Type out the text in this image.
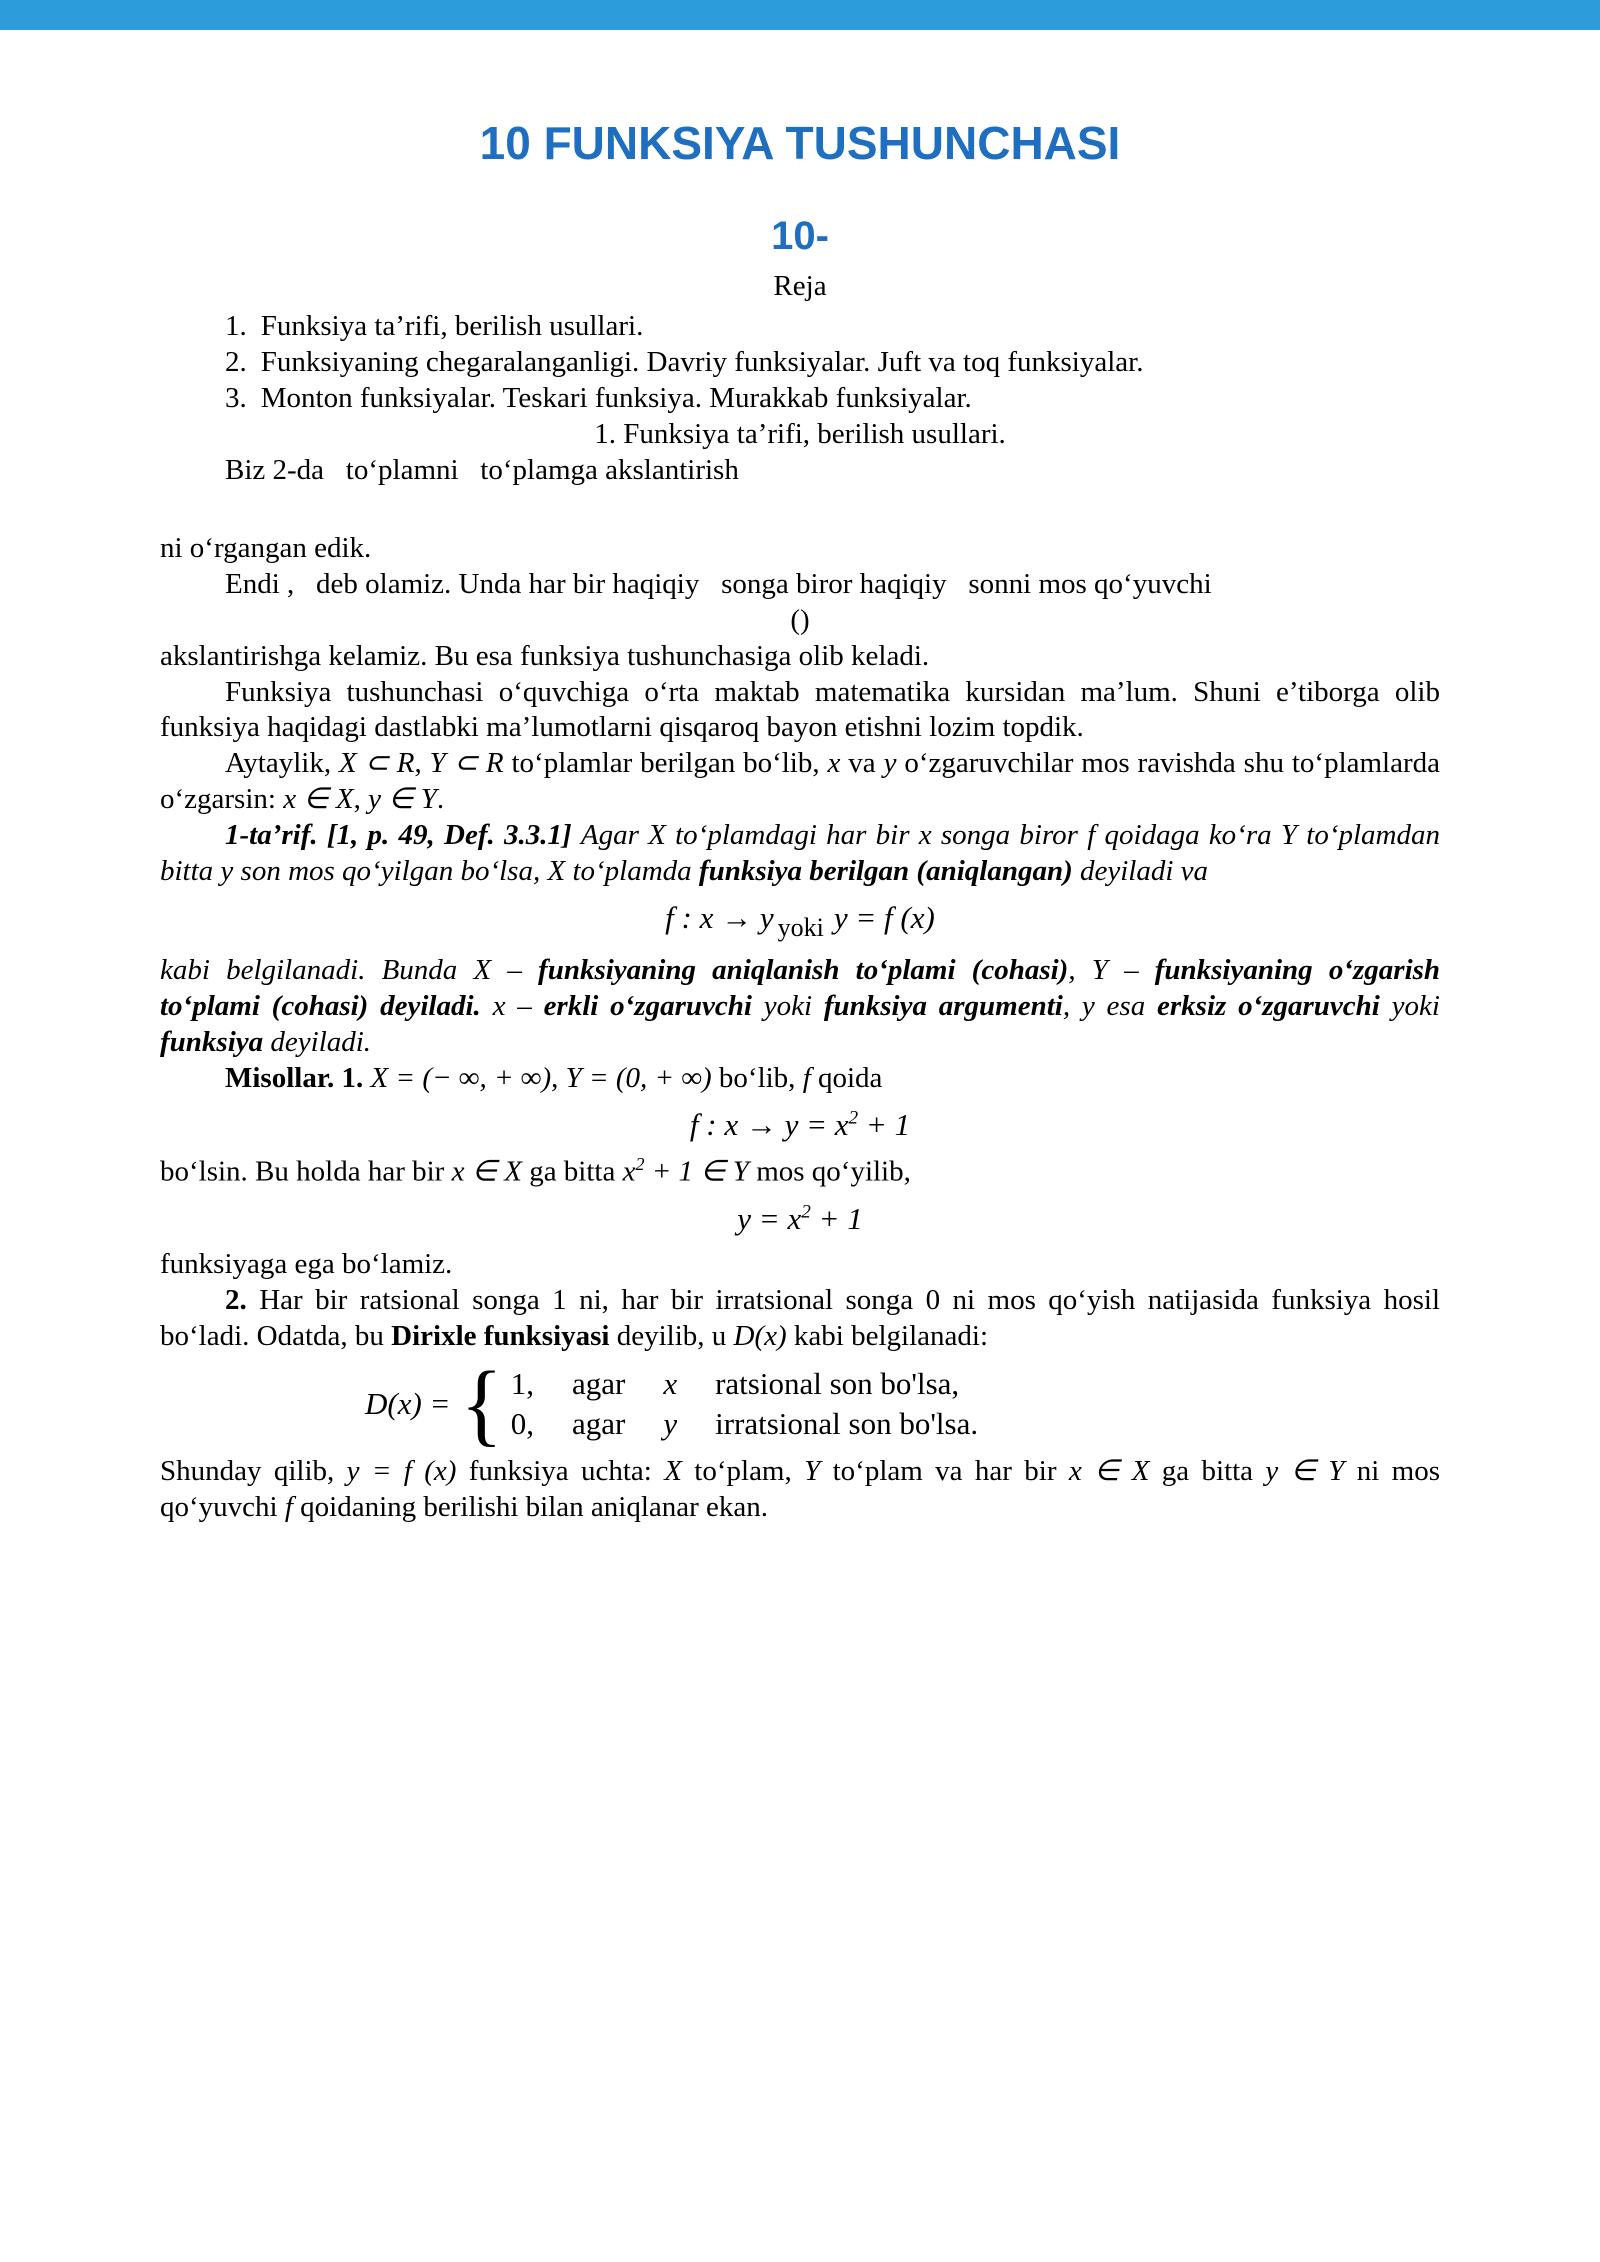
10 FUNKSIYA TUSHUNCHASI
10-

Reja

1. Funksiya ta’rifi, berilish usullari.
2. Funksiyaning chegaralanganligi. Davriy funksiyalar. Juft va toq funksiyalar.
3. Monton funksiyalar. Teskari funksiya. Murakkab funksiyalar.

1. Funksiya ta’rifi, berilish usullari.

Biz 2-da  to‘plamni  to‘plamga akslantirish

ni o‘rgangan edik.

Endi ,  deb olamiz. Unda har bir haqiqiy  songa biror haqiqiy  sonni mos qo‘yuvchi

()

akslantirishga kelamiz. Bu esa funksiya tushunchasiga olib keladi.

Funksiya tushunchasi o‘quvchiga o‘rta maktab matematika kursidan ma’lum. Shuni e’tiborga olib funksiya haqidagi dastlabki ma’lumotlarni qisqaroq bayon etishni lozim topdik.

Aytaylik, X ⊂ R, Y ⊂ R to‘plamlar berilgan bo‘lib, x va y o‘zgaruvchilar mos ravishda shu to‘plamlarda o‘zgarsin: x ∈ X, y ∈ Y.

1-ta’rif. [1, p. 49, Def. 3.3.1] Agar X to‘plamdagi har bir x songa biror f qoidaga ko‘ra Y to‘plamdan bitta y son mos qo‘yilgan bo‘lsa, X to‘plamda funksiya berilgan (aniqlangan) deyiladi va

f : x → y $_{yoki}$ y = f (x)

kabi belgilanadi. Bunda X – funksiyaning aniqlanish to‘plami (cohasi), Y – funksiyaning o‘zgarish to‘plami (cohasi) deyiladi. x – erkli o‘zgaruvchi yoki funksiya argumenti, y esa erksiz o‘zgaruvchi yoki funksiya deyiladi.

Misollar. 1. X = (− ∞, + ∞), Y = (0, + ∞) bo‘lib, f qoida

f : $x \to y = x^2 + 1$

bo‘lsin. Bu holda har bir x ∈ X ga bitta $x^2 + 1$ ∈ Y mos qo‘yilib,

$y = x^2 + 1$

funksiyaga ega bo‘lamiz.

2. Har bir ratsional songa 1 ni, har bir irratsional songa 0 ni mos qo‘yish natijasida funksiya hosil bo‘ladi. Odatda, bu Dirixle funksiyasi deyilib, u D(x) kabi belgilanadi:

D(x) = { 1, agar x ratsional son bo'lsa,
0, agar y irratsional son bo'lsa.

Shunday qilib, y = f (x) funksiya uchta: X to‘plam, Y to‘plam va har bir x ∈ X ga bitta y ∈ Y ni mos qo‘yuvchi f qoidaning berilishi bilan aniqlanar ekan.
